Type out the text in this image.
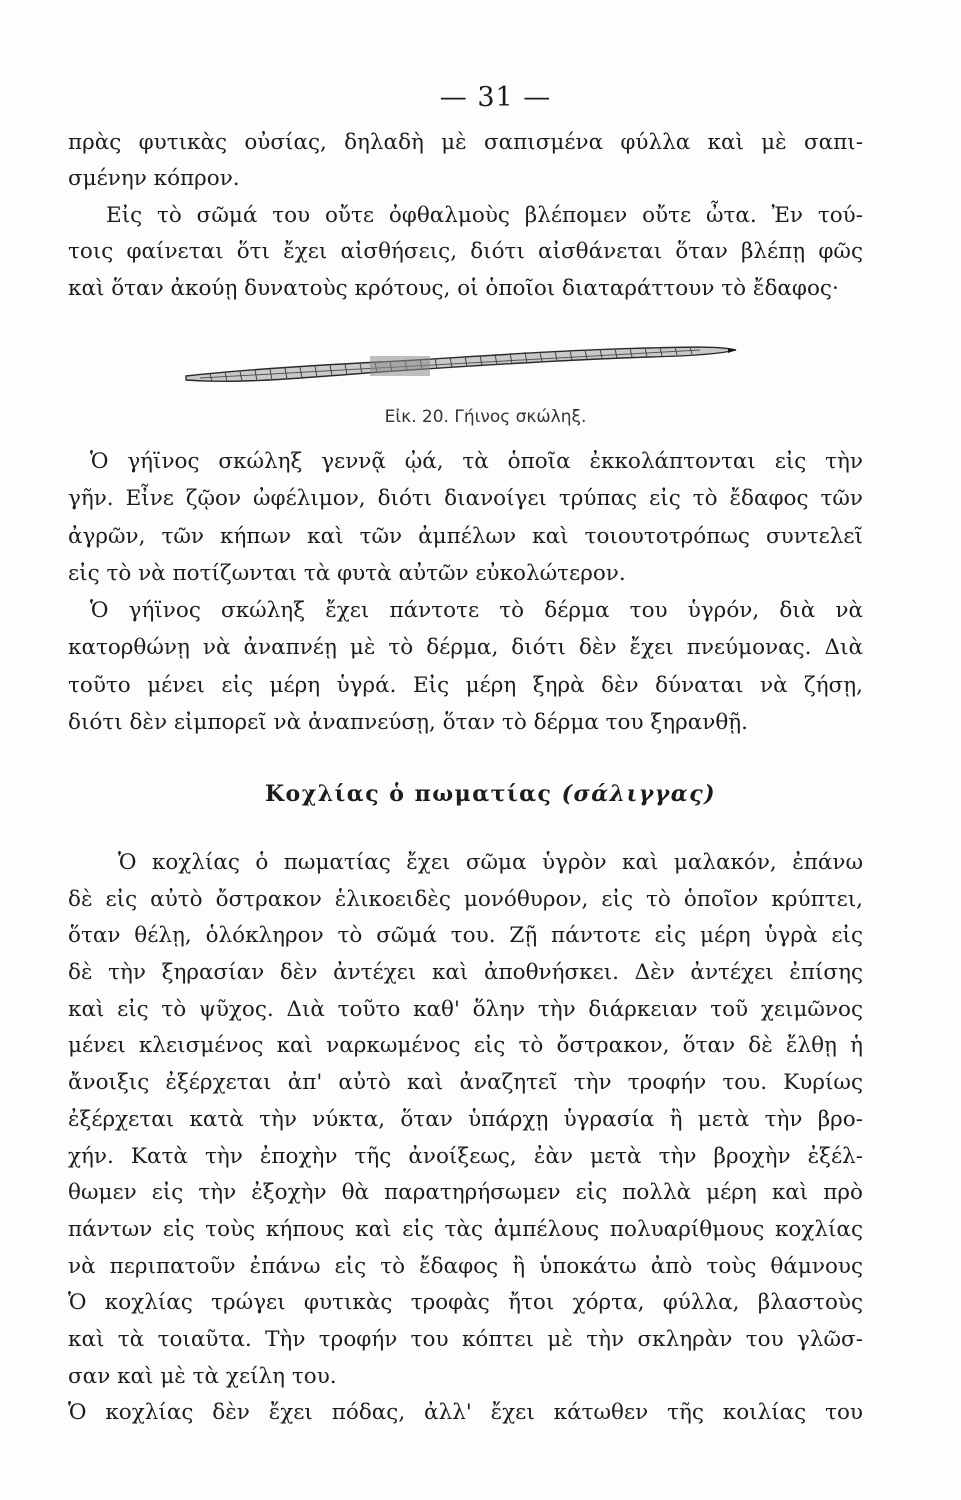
— 31 —
πρὰς φυτικὰς οὐσίας, δηλαδὴ μὲ σαπισμένα φύλλα καὶ μὲ σαπι-
σμένην κόπρον.
Εἰς τὸ σῶμά του οὔτε ὀφθαλμοὺς βλέπομεν οὔτε ὦτα. Ἐν τού-
τοις φαίνεται ὅτι ἔχει αἰσθήσεις, διότι αἰσθάνεται ὅταν βλέπῃ φῶς
καὶ ὅταν ἀκούῃ δυνατοὺς κρότους, οἱ ὁποῖοι διαταράττουν τὸ ἔδαφος·
Εἰκ. 20. Γήινος σκώληξ.
Ὁ γήϊνος σκώληξ γεννᾷ ᾠά, τὰ ὁποῖα ἐκκολάπτονται εἰς τὴν
γῆν. Εἶνε ζῷον ὠφέλιμον, διότι διανοίγει τρύπας εἰς τὸ ἔδαφος τῶν
ἀγρῶν, τῶν κήπων καὶ τῶν ἀμπέλων καὶ τοιουτοτρόπως συντελεῖ
εἰς τὸ νὰ ποτίζωνται τὰ φυτὰ αὐτῶν εὐκολώτερον.
Ὁ γήϊνος σκώληξ ἔχει πάντοτε τὸ δέρμα του ὑγρόν, διὰ νὰ
κατορθώνῃ νὰ ἀναπνέῃ μὲ τὸ δέρμα, διότι δὲν ἔχει πνεύμονας. Διὰ
τοῦτο μένει εἰς μέρη ὑγρά. Εἰς μέρη ξηρὰ δὲν δύναται νὰ ζήσῃ,
διότι δὲν εἰμπορεῖ νὰ ἀναπνεύσῃ, ὅταν τὸ δέρμα του ξηρανθῇ.
Κοχλίας ὁ πωματίας (σάλιγγας)
Ὁ κοχλίας ὁ πωματίας ἔχει σῶμα ὑγρὸν καὶ μαλακόν, ἐπάνω
δὲ εἰς αὐτὸ ὄστρακον ἑλικοειδὲς μονόθυρον, εἰς τὸ ὁποῖον κρύπτει,
ὅταν θέλῃ, ὁλόκληρον τὸ σῶμά του. Ζῇ πάντοτε εἰς μέρη ὑγρὰ εἰς
δὲ τὴν ξηρασίαν δὲν ἀντέχει καὶ ἀποθνήσκει. Δὲν ἀντέχει ἐπίσης
καὶ εἰς τὸ ψῦχος. Διὰ τοῦτο καθ' ὅλην τὴν διάρκειαν τοῦ χειμῶνος
μένει κλεισμένος καὶ ναρκωμένος εἰς τὸ ὄστρακον, ὅταν δὲ ἔλθῃ ἡ
ἄνοιξις ἐξέρχεται ἀπ' αὐτὸ καὶ ἀναζητεῖ τὴν τροφήν του. Κυρίως
ἐξέρχεται κατὰ τὴν νύκτα, ὅταν ὑπάρχῃ ὑγρασία ἢ μετὰ τὴν βρο-
χήν. Κατὰ τὴν ἐποχὴν τῆς ἀνοίξεως, ἐὰν μετὰ τὴν βροχὴν ἐξέλ-
θωμεν εἰς τὴν ἐξοχὴν θὰ παρατηρήσωμεν εἰς πολλὰ μέρη καὶ πρὸ
πάντων εἰς τοὺς κήπους καὶ εἰς τὰς ἀμπέλους πολυαρίθμους κοχλίας
νὰ περιπατοῦν ἐπάνω εἰς τὸ ἔδαφος ἢ ὑποκάτω ἀπὸ τοὺς θάμνους
Ὁ κοχλίας τρώγει φυτικὰς τροφὰς ἤτοι χόρτα, φύλλα, βλαστοὺς
καὶ τὰ τοιαῦτα. Τὴν τροφήν του κόπτει μὲ τὴν σκληρὰν του γλῶσ-
σαν καὶ μὲ τὰ χείλη του.
Ὁ κοχλίας δὲν ἔχει πόδας, ἀλλ' ἔχει κάτωθεν τῆς κοιλίας του
